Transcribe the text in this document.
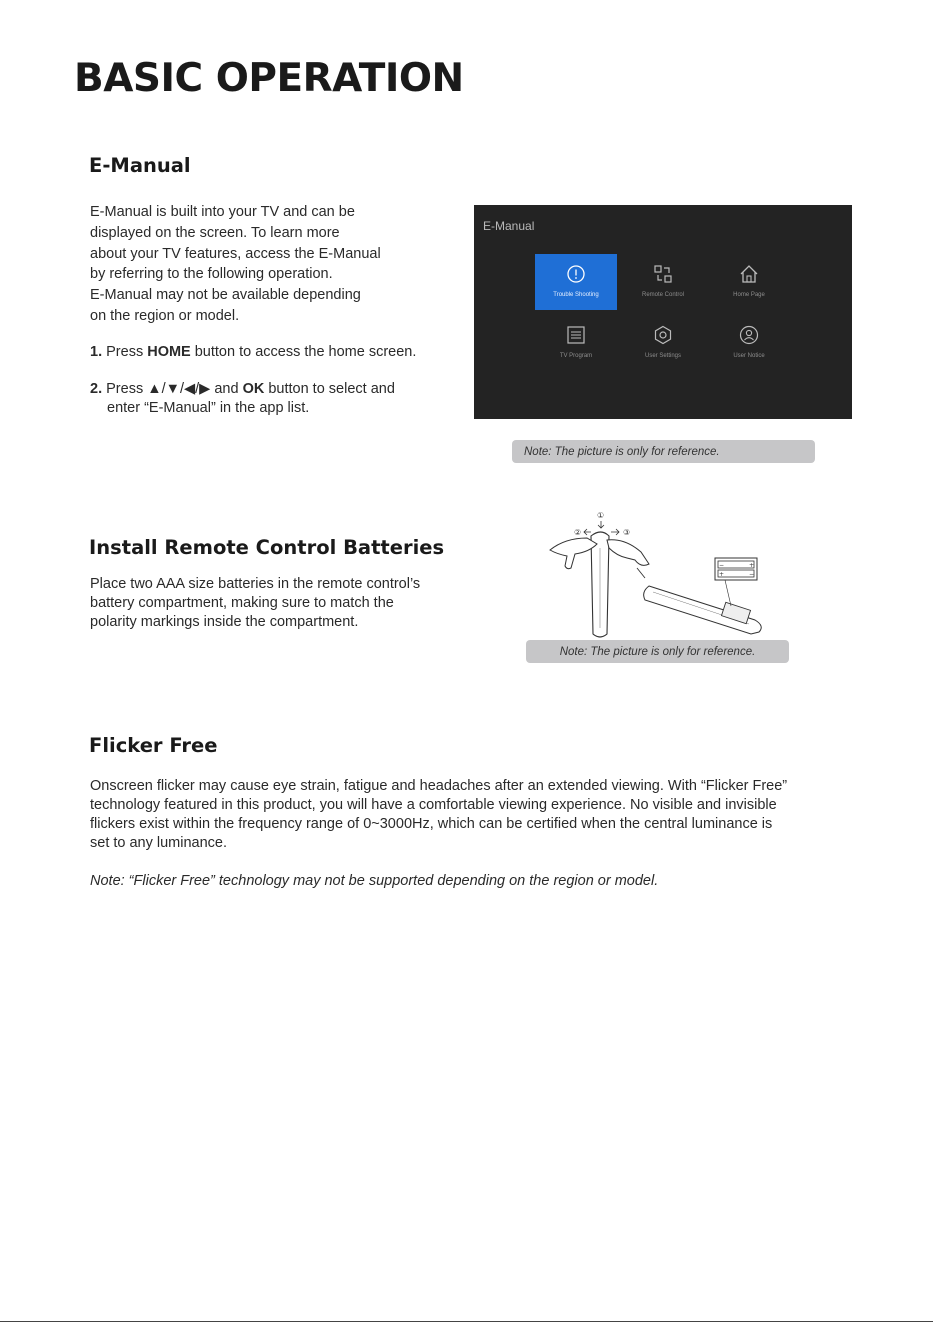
BASIC OPERATION
E-Manual

E-Manual is built into your TV and can be

displayed on the screen. To learn more

about your TV features, access the E-Manual

by referring to the following operation.

E-Manual may not be available depending

on the region or model.

1. Press HOME button to access the home screen.
2. Press ▲/▼/◀/▶ and OK button to select and
enter “E-Manual” in the app list.
E-Manual
Trouble Shooting	Remote Control	Home Page
TV Program	User Settings	User Notice
Note: The picture is only for reference.
Install Remote Control Batteries

Place two AAA size batteries in the remote control’s

battery compartment, making sure to match the

polarity markings inside the compartment.

①
②	③
−	+
+	−
Note: The picture is only for reference.
Flicker Free

Onscreen flicker may cause eye strain, fatigue and headaches after an extended viewing. With “Flicker Free”

technology featured in this product, you will have a comfortable viewing experience. No visible and invisible

flickers exist within the frequency range of 0~3000Hz, which can be certified when the central luminance is

set to any luminance.

Note: “Flicker Free” technology may not be supported depending on the region or model.
